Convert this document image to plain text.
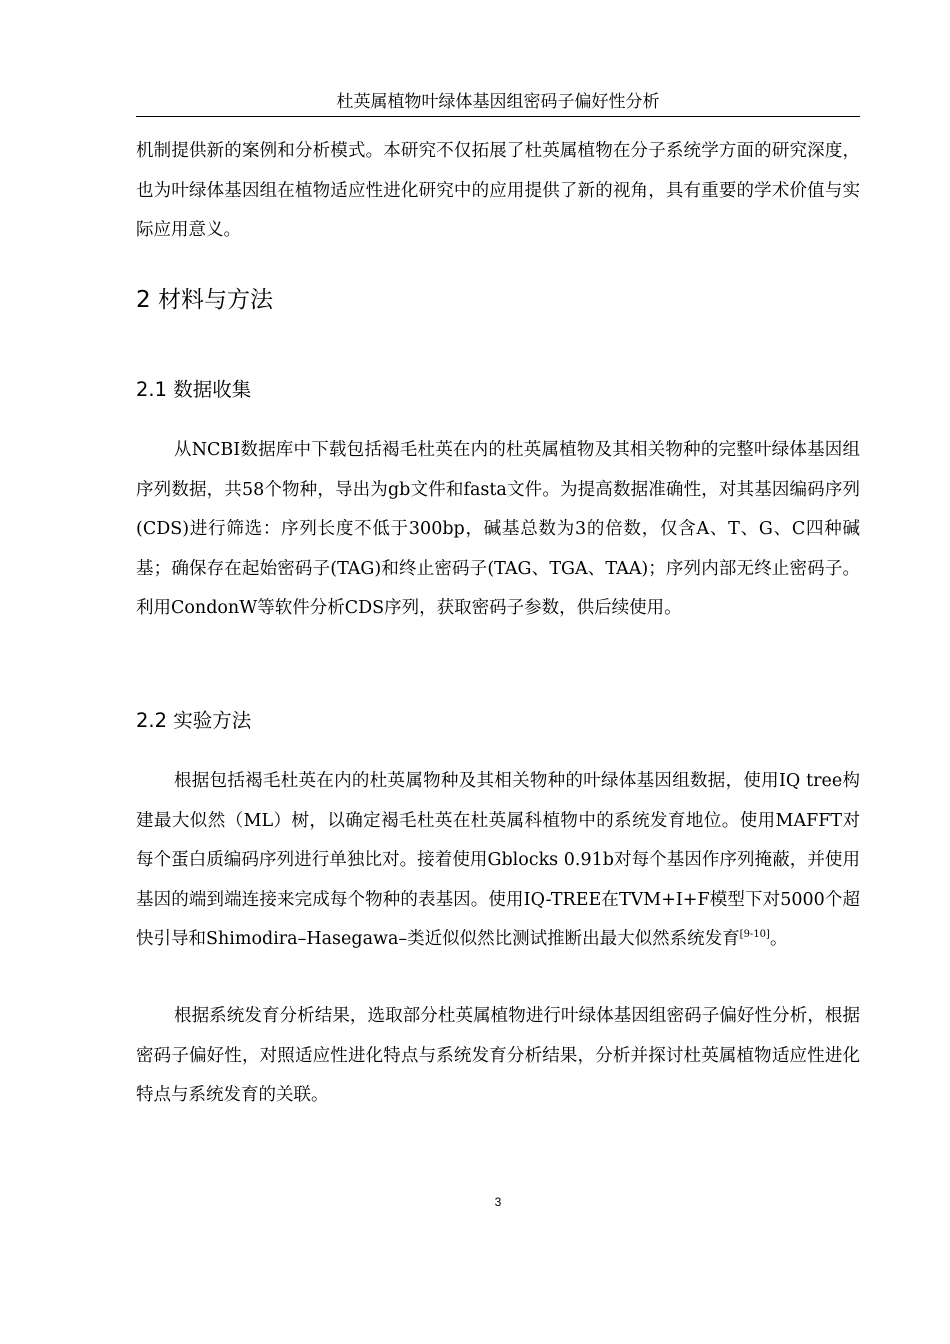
杜英属植物叶绿体基因组密码子偏好性分析

机制提供新的案例和分析模式。本研究不仅拓展了杜英属植物在分子系统学方面的研究深度，也为叶绿体基因组在植物适应性进化研究中的应用提供了新的视角，具有重要的学术价值与实际应用意义。

2 材料与方法
2.1 数据收集

从NCBI数据库中下载包括褐毛杜英在内的杜英属植物及其相关物种的完整叶绿体基因组序列数据，共58个物种，导出为gb文件和fasta文件。为提高数据准确性，对其基因编码序列(CDS)进行筛选：序列长度不低于300bp，碱基总数为3的倍数，仅含A、T、G、C四种碱基；确保存在起始密码子(TAG)和终止密码子(TAG、TGA、TAA)；序列内部无终止密码子。利用CondonW等软件分析CDS序列，获取密码子参数，供后续使用。

2.2 实验方法

根据包括褐毛杜英在内的杜英属物种及其相关物种的叶绿体基因组数据，使用IQ tree构建最大似然（ML）树，以确定褐毛杜英在杜英属科植物中的系统发育地位。使用MAFFT对每个蛋白质编码序列进行单独比对。接着使用Gblocks 0.91b对每个基因作序列掩蔽，并使用基因的端到端连接来完成每个物种的表基因。使用IQ-TREE在TVM+I+F模型下对5000个超快引导和Shimodira–Hasegawa–类近似似然比测试推断出最大似然系统发育[9-10]。

根据系统发育分析结果，选取部分杜英属植物进行叶绿体基因组密码子偏好性分析，根据密码子偏好性，对照适应性进化特点与系统发育分析结果，分析并探讨杜英属植物适应性进化特点与系统发育的关联。

3
